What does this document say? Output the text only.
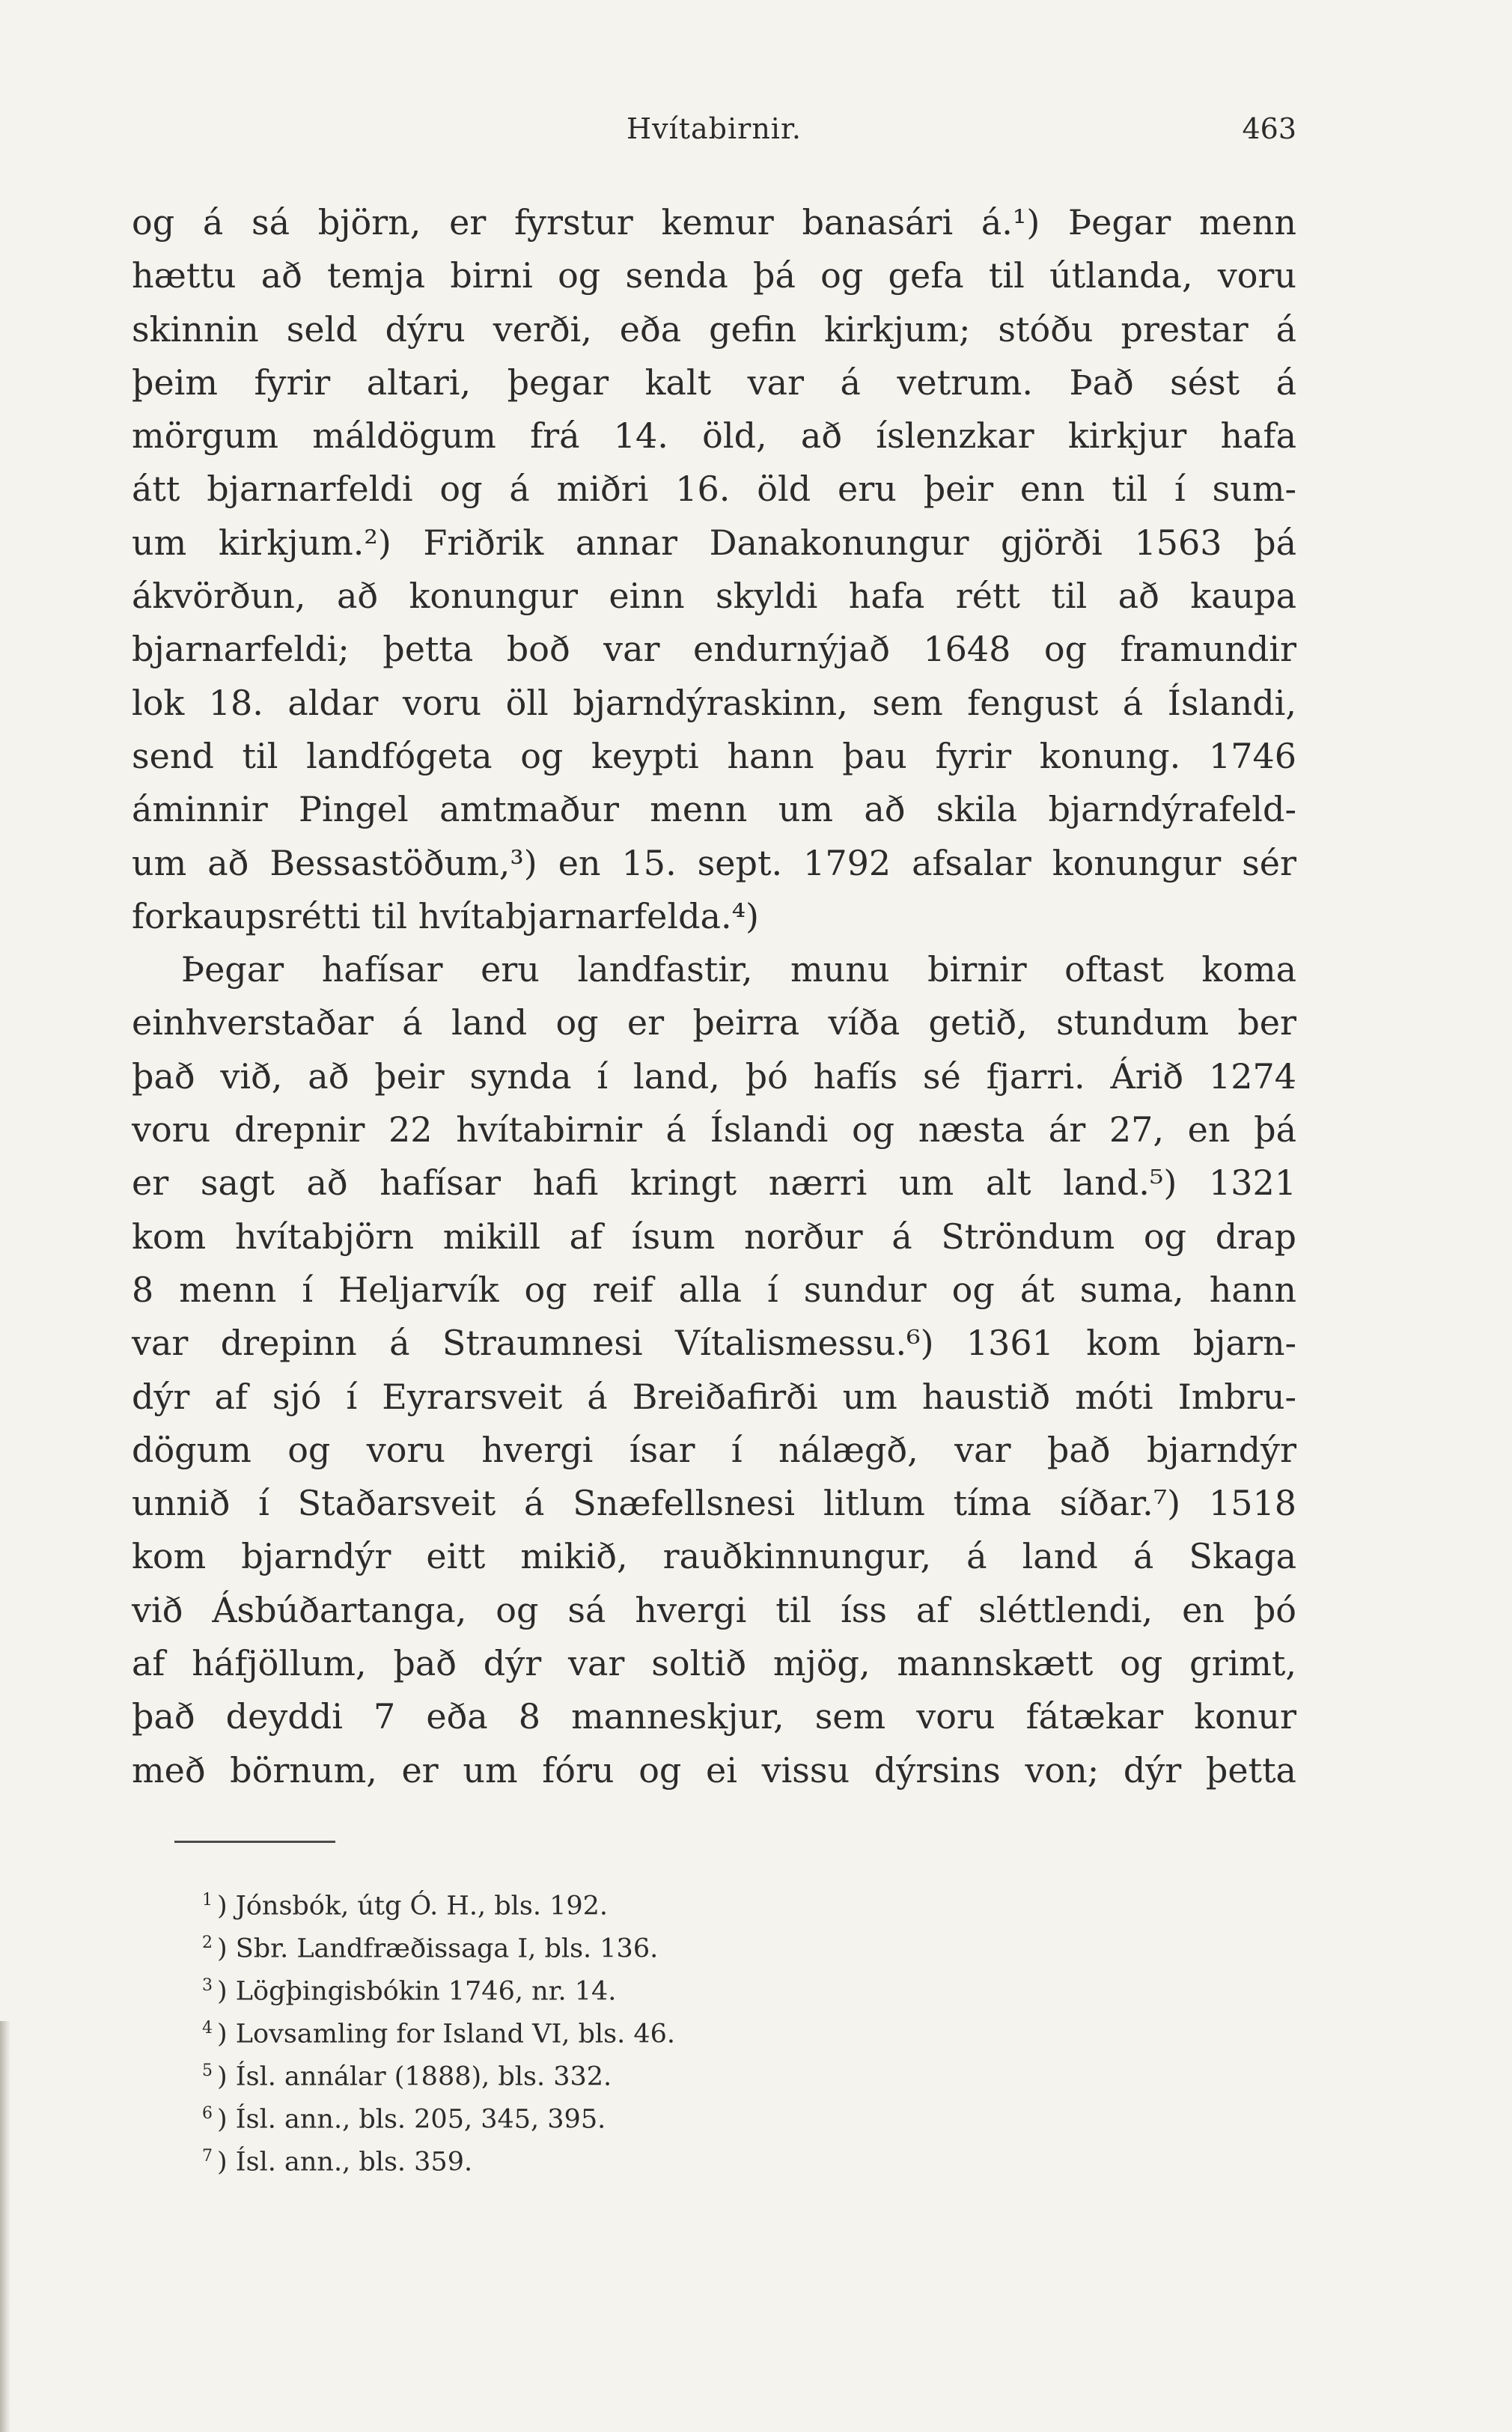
Hvítabirnir.	463
og á sá björn, er fyrstur kemur banasári á.¹) Þegar menn
hættu að temja birni og senda þá og gefa til útlanda, voru
skinnin seld dýru verði, eða gefin kirkjum; stóðu prestar á
þeim fyrir altari, þegar kalt var á vetrum. Það sést á
mörgum máldögum frá 14. öld, að íslenzkar kirkjur hafa
átt bjarnarfeldi og á miðri 16. öld eru þeir enn til í sum-
um kirkjum.²) Friðrik annar Danakonungur gjörði 1563 þá
ákvörðun, að konungur einn skyldi hafa rétt til að kaupa
bjarnarfeldi; þetta boð var endurnýjað 1648 og framundir
lok 18. aldar voru öll bjarndýraskinn, sem fengust á Íslandi,
send til landfógeta og keypti hann þau fyrir konung. 1746
áminnir Pingel amtmaður menn um að skila bjarndýrafeld-
um að Bessastöðum,³) en 15. sept. 1792 afsalar konungur sér
forkaupsrétti til hvítabjarnarfelda.⁴)
Þegar hafísar eru landfastir, munu birnir oftast koma
einhverstaðar á land og er þeirra víða getið, stundum ber
það við, að þeir synda í land, þó hafís sé fjarri. Árið 1274
voru drepnir 22 hvítabirnir á Íslandi og næsta ár 27, en þá
er sagt að hafísar hafi kringt nærri um alt land.⁵) 1321
kom hvítabjörn mikill af ísum norður á Ströndum og drap
8 menn í Heljarvík og reif alla í sundur og át suma, hann
var drepinn á Straumnesi Vítalismessu.⁶) 1361 kom bjarn-
dýr af sjó í Eyrarsveit á Breiðafirði um haustið móti Imbru-
dögum og voru hvergi ísar í nálægð, var það bjarndýr
unnið í Staðarsveit á Snæfellsnesi litlum tíma síðar.⁷) 1518
kom bjarndýr eitt mikið, rauðkinnungur, á land á Skaga
við Ásbúðartanga, og sá hvergi til íss af sléttlendi, en þó
af háfjöllum, það dýr var soltið mjög, mannskætt og grimt,
það deyddi 7 eða 8 manneskjur, sem voru fátækar konur
með börnum, er um fóru og ei vissu dýrsins von; dýr þetta
$^1$ ) Jónsbók, útg Ó. H., bls. 192.
$^2$ ) Sbr. Landfræðissaga I, bls. 136.
$^3$ ) Lögþingisbókin 1746, nr. 14.
$^4$ ) Lovsamling for Island VI, bls. 46.
$^5$ ) Ísl. annálar (1888), bls. 332.
$^6$ ) Ísl. ann., bls. 205, 345, 395.
$^7$ ) Ísl. ann., bls. 359.
